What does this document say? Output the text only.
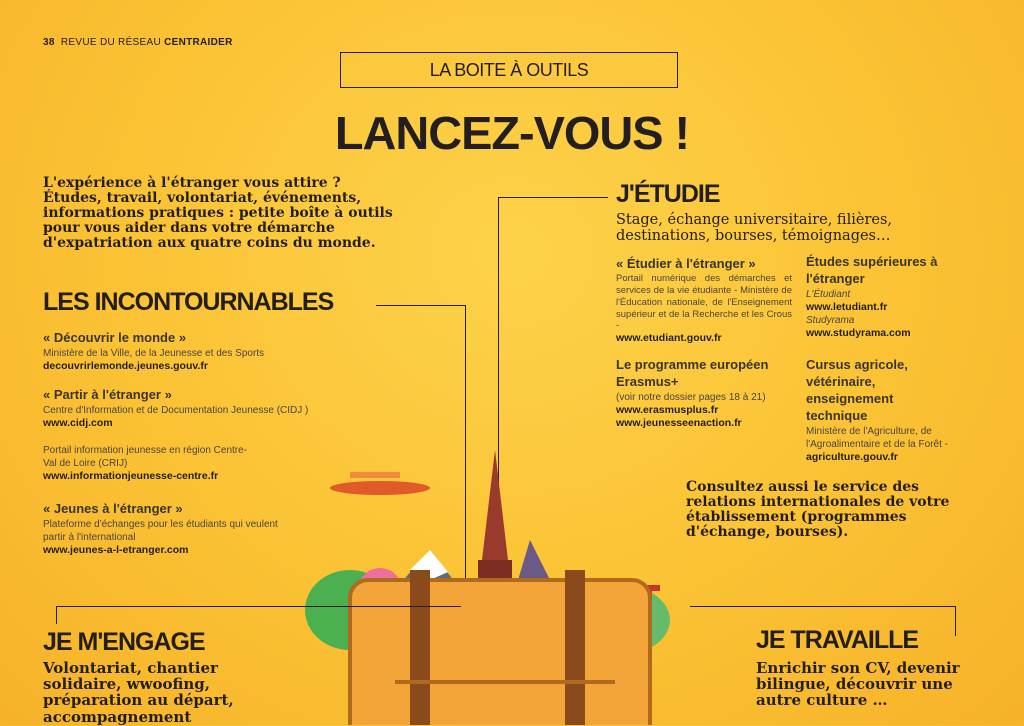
38 REVUE DU RÉSEAU CENTRAIDER
LA BOITE À OUTILS
LANCEZ-VOUS !
L'expérience à l'étranger vous attire ? Études, travail, volontariat, événements, informations pratiques : petite boîte à outils pour vous aider dans votre démarche d'expatriation aux quatre coins du monde.
LES INCONTOURNABLES
« Découvrir le monde »
Ministère de la Ville, de la Jeunesse et des Sports
decouvrirlemonde.jeunes.gouv.fr
« Partir à l'étranger »
Centre d'Information et de Documentation Jeunesse (CIDJ )
www.cidj.com
Portail information jeunesse en région Centre-Val de Loire (CRIJ)
www.informationjeunesse-centre.fr
« Jeunes à l'étranger »
Plateforme d'échanges pour les étudiants qui veulent partir à l'international
www.jeunes-a-l-etranger.com
J'ÉTUDIE
Stage, échange universitaire, filières, destinations, bourses, témoignages…
« Étudier à l'étranger »
Portail numérique des démarches et services de la vie étudiante - Ministère de l'Éducation nationale, de l'Enseignement supérieur et de la Recherche et les Crous -
www.etudiant.gouv.fr
Le programme européen Erasmus+
(voir notre dossier pages 18 à 21)
www.erasmusplus.fr
www.jeunesseenaction.fr
Études supérieures à l'étranger
L'Étudiant
www.letudiant.fr
Studyrama
www.studyrama.com
Cursus agricole, vétérinaire, enseignement technique
Ministère de l'Agriculture, de l'Agroalimentaire et de la Forêt -
agriculture.gouv.fr
Consultez aussi le service des relations internationales de votre établissement (programmes d'échange, bourses).
JE M'ENGAGE
Volontariat, chantier solidaire, wwoofing, préparation au départ, accompagnement
JE TRAVAILLE
Enrichir son CV, devenir bilingue, découvrir une autre culture …
